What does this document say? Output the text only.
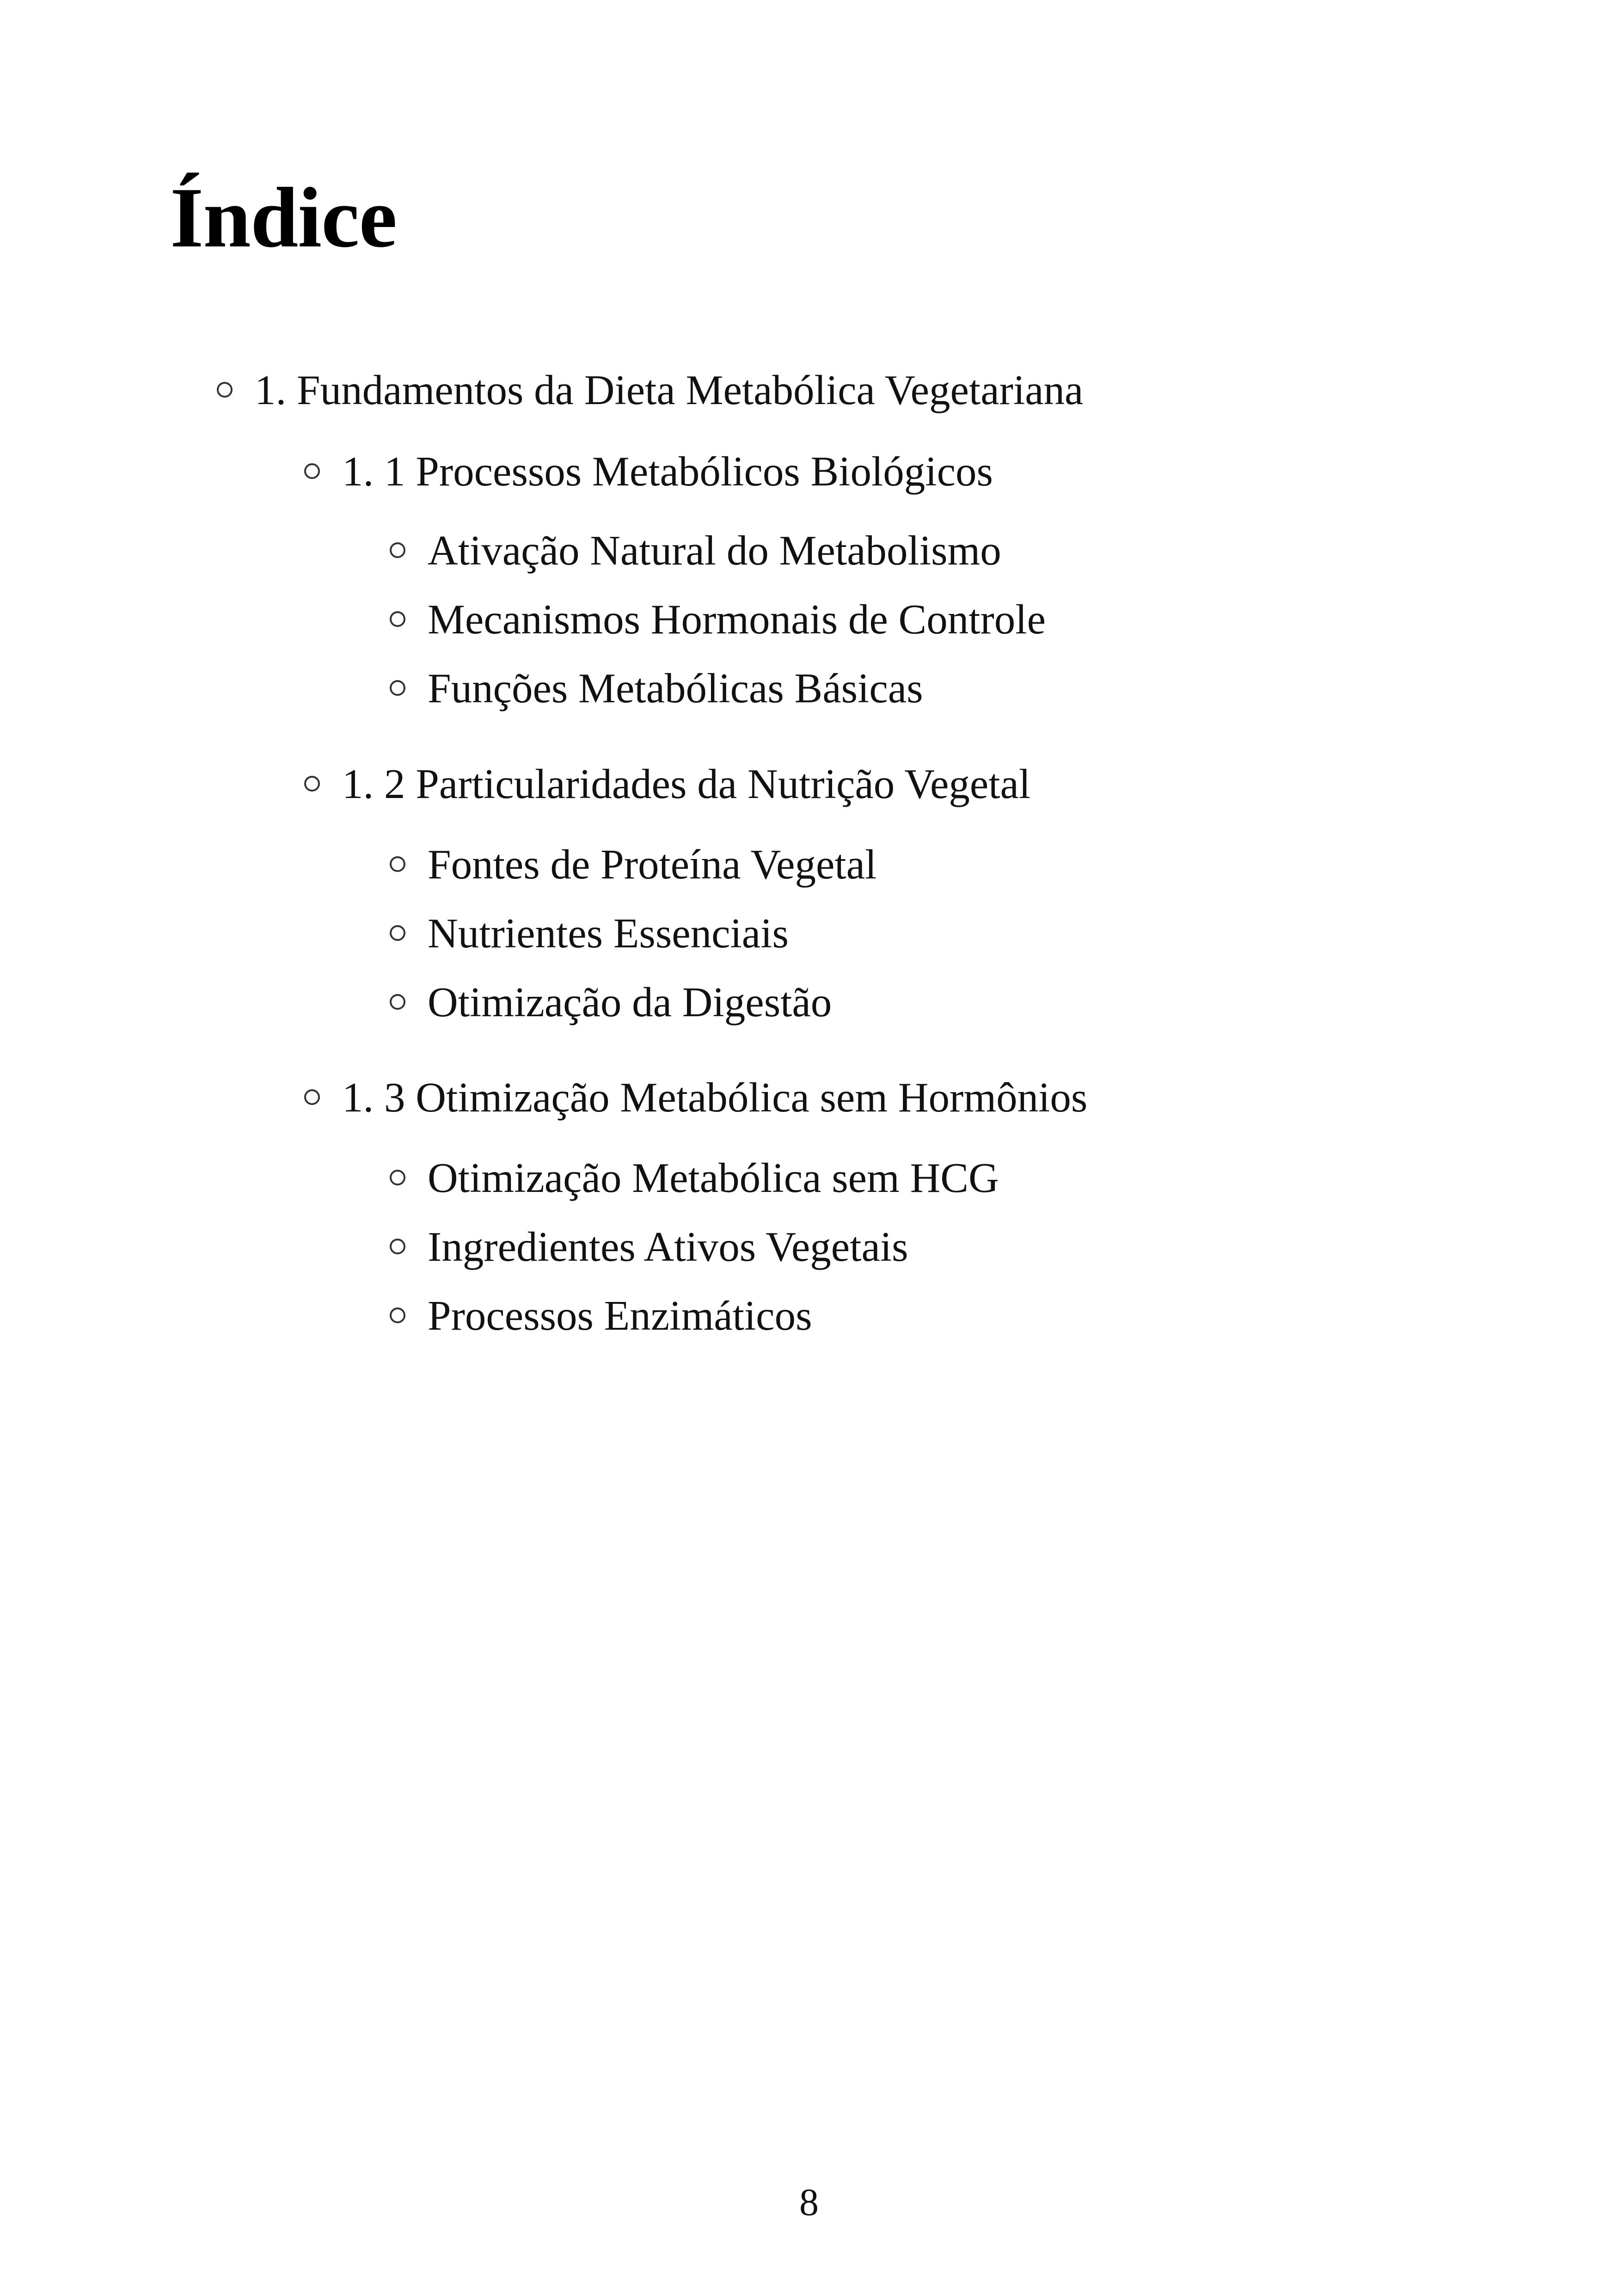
Índice
1. Fundamentos da Dieta Metabólica Vegetariana
1. 1 Processos Metabólicos Biológicos
Ativação Natural do Metabolismo
Mecanismos Hormonais de Controle
Funções Metabólicas Básicas
1. 2 Particularidades da Nutrição Vegetal
Fontes de Proteína Vegetal
Nutrientes Essenciais
Otimização da Digestão
1. 3 Otimização Metabólica sem Hormônios
Otimização Metabólica sem HCG
Ingredientes Ativos Vegetais
Processos Enzimáticos
8
